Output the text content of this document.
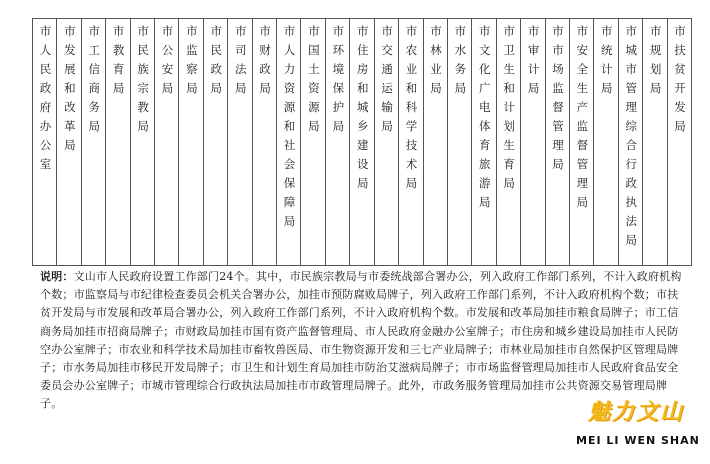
市人民政府办公室	市发展和改革局	市工信商务局	市教育局	市民族宗教局	市公安局	市监察局	市民政局	市司法局	市财政局	市人力资源和社会保障局	市国土资源局	市环境保护局	市住房和城乡建设局	市交通运输局	市农业和科学技术局	市林业局	市水务局	市文化广电体育旅游局	市卫生和计划生育局	市审计局	市市场监督管理局	市安全生产监督管理局	市统计局	市城市管理综合行政执法局	市规划局	市扶贫开发局

说明：文山市人民政府设置工作部门24个。其中，市民族宗教局与市委统战部合署办公，列入政府工作部门系列，不计入政府机构个数；市监察局与市纪律检查委员会机关合署办公，加挂市预防腐败局牌子，列入政府工作部门系列，不计入政府机构个数；市扶贫开发局与市发展和改革局合署办公，列入政府工作部门系列，不计入政府机构个数。市发展和改革局加挂市粮食局牌子；市工信商务局加挂市招商局牌子；市财政局加挂市国有资产监督管理局、市人民政府金融办公室牌子；市住房和城乡建设局加挂市人民防空办公室牌子；市农业和科学技术局加挂市畜牧兽医局、市生物资源开发和三七产业局牌子；市林业局加挂市自然保护区管理局牌子；市水务局加挂市移民开发局牌子；市卫生和计划生育局加挂市防治艾滋病局牌子；市市场监督管理局加挂市人民政府食品安全委员会办公室牌子；市城市管理综合行政执法局加挂市市政管理局牌子。此外，市政务服务管理局加挂市公共资源交易管理局牌子。	魅力文山
MEI LI WEN SHAN
